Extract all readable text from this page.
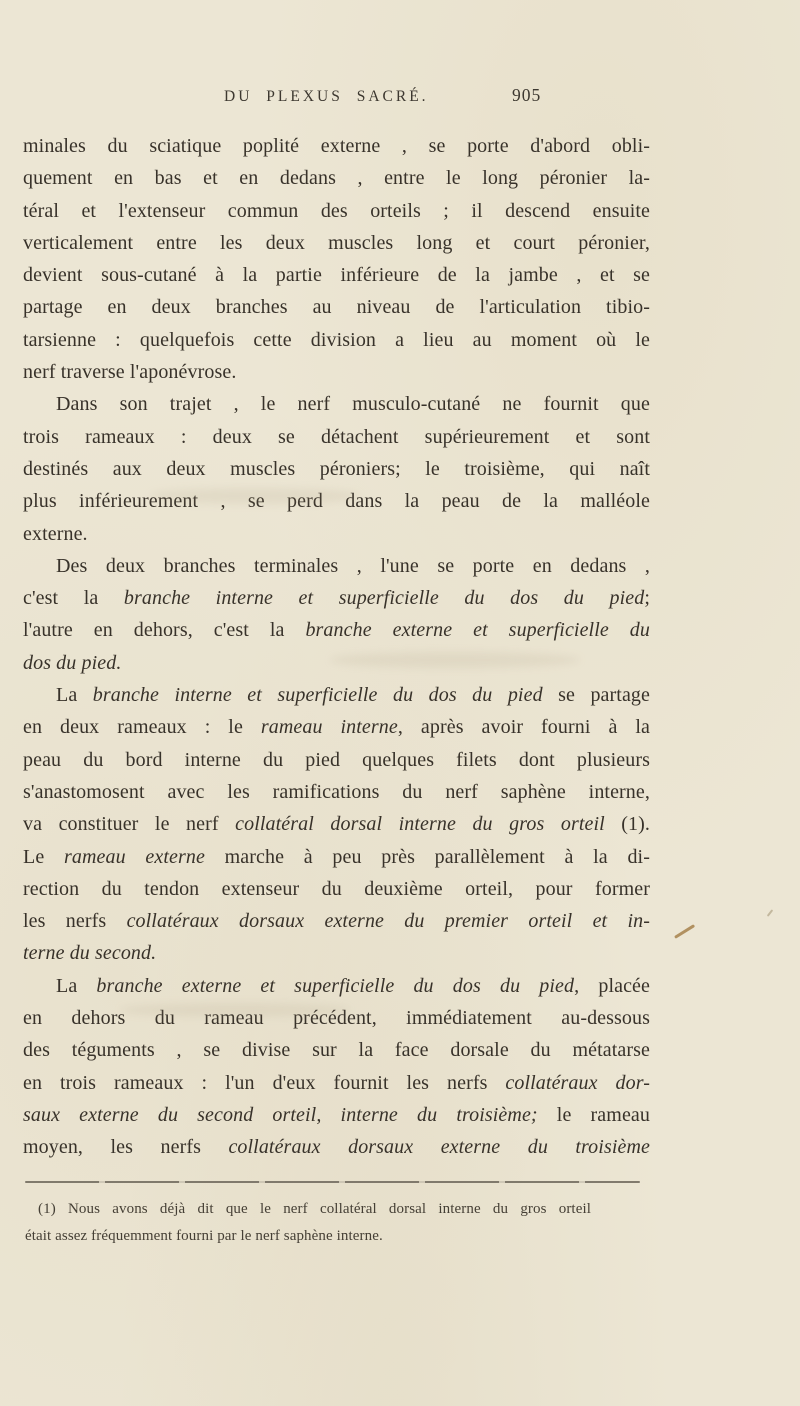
DU PLEXUS SACRÉ.	905
minales du sciatique poplité externe , se porte d'abord obli-
quement en bas et en dedans , entre le long péronier la-
téral et l'extenseur commun des orteils ; il descend ensuite
verticalement entre les deux muscles long et court péronier,
devient sous-cutané à la partie inférieure de la jambe , et se
partage en deux branches au niveau de l'articulation tibio-
tarsienne : quelquefois cette division a lieu au moment où le
nerf traverse l'aponévrose.
Dans son trajet , le nerf musculo-cutané ne fournit que
trois rameaux : deux se détachent supérieurement et sont
destinés aux deux muscles péroniers; le troisième, qui naît
plus inférieurement , se perd dans la peau de la malléole
externe.
Des deux branches terminales , l'une se porte en dedans ,
c'est la branche interne et superficielle du dos du pied;
l'autre en dehors, c'est la branche externe et superficielle du
dos du pied.
La branche interne et superficielle du dos du pied se partage
en deux rameaux : le rameau interne, après avoir fourni à la
peau du bord interne du pied quelques filets dont plusieurs
s'anastomosent avec les ramifications du nerf saphène interne,
va constituer le nerf collatéral dorsal interne du gros orteil (1).
Le rameau externe marche à peu près parallèlement à la di-
rection du tendon extenseur du deuxième orteil, pour former
les nerfs collatéraux dorsaux externe du premier orteil et in-
terne du second.
La branche externe et superficielle du dos du pied, placée
en dehors du rameau précédent, immédiatement au-dessous
des téguments , se divise sur la face dorsale du métatarse
en trois rameaux : l'un d'eux fournit les nerfs collatéraux dor-
saux externe du second orteil, interne du troisième; le rameau
moyen, les nerfs collatéraux dorsaux externe du troisième
(1) Nous avons déjà dit que le nerf collatéral dorsal interne du gros orteil
était assez fréquemment fourni par le nerf saphène interne.
